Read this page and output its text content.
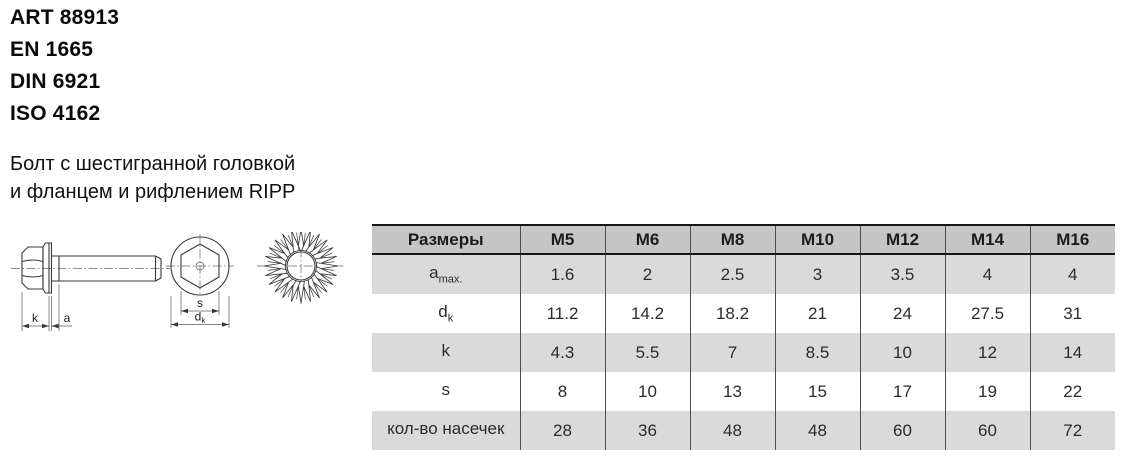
ART 88913
EN 1665
DIN 6921
ISO 4162
Болт с шестигранной головкой
и фланцем и рифлением RIPP
k a
s
$d_k$
Размеры	M5	M6	M8	M10	M12	M14	M16
$a_{max.}$	1.6	2	2.5	3	3.5	4	4
$d_k$	11.2	14.2	18.2	21	24	27.5	31
k	4.3	5.5	7	8.5	10	12	14
s	8	10	13	15	17	19	22
кол-во насечек	28	36	48	48	60	60	72
